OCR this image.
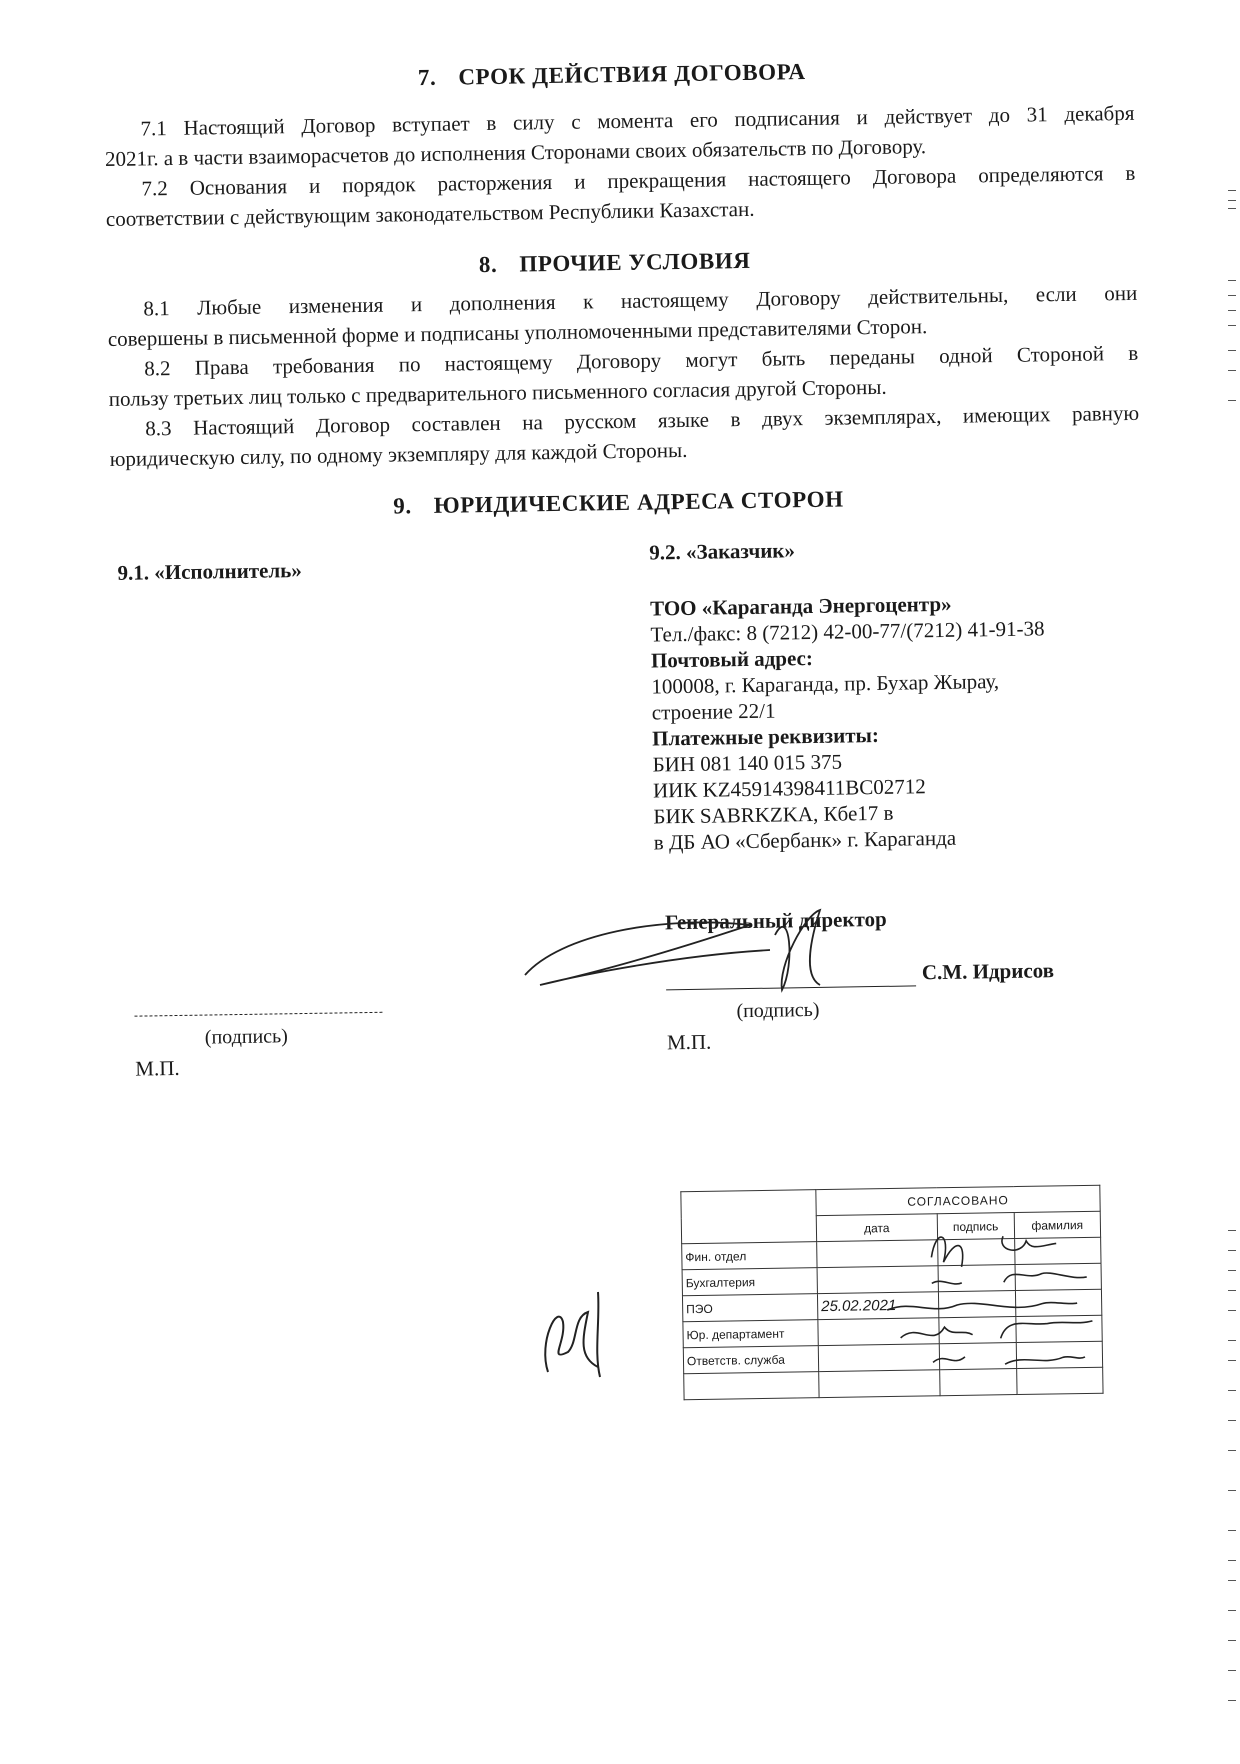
7. СРОК ДЕЙСТВИЯ ДОГОВОРА
7.1 Настоящий Договор вступает в силу с момента его подписания и действует до 31 декабря
2021г. а в части взаиморасчетов до исполнения Сторонами своих обязательств по Договору.
7.2 Основания и порядок расторжения и прекращения настоящего Договора определяются в
соответствии с действующим законодательством Республики Казахстан.
8. ПРОЧИЕ УСЛОВИЯ
8.1 Любые изменения и дополнения к настоящему Договору действительны, если они
совершены в письменной форме и подписаны уполномоченными представителями Сторон.
8.2 Права требования по настоящему Договору могут быть переданы одной Стороной в
пользу третьих лиц только с предварительного письменного согласия другой Стороны.
8.3 Настоящий Договор составлен на русском языке в двух экземплярах, имеющих равную
юридическую силу, по одному экземпляру для каждой Стороны.
9. ЮРИДИЧЕСКИЕ АДРЕСА СТОРОН
9.1. «Исполнитель»
(подпись)
М.П.
9.2. «Заказчик»
ТОО «Караганда Энергоцентр»
Тел./факс: 8 (7212) 42-00-77/(7212) 41-91-38
Почтовый адрес:
100008, г. Караганда, пр. Бухар Жырау,
строение 22/1
Платежные реквизиты:
БИН 081 140 015 375
ИИК KZ45914398411BC02712
БИК SABRKZKA, Кбе17 в
в ДБ АО «Сбербанк» г. Караганда
Генеральный директор
С.М. Идрисов
(подпись)
М.П.
	СОГЛАСОВАНО		
	дата	подпись	фамилия
Фин. отдел			
Бухгалтерия			
ПЭО	25.02.2021		
Юр. департамент			
Ответств. служба			
